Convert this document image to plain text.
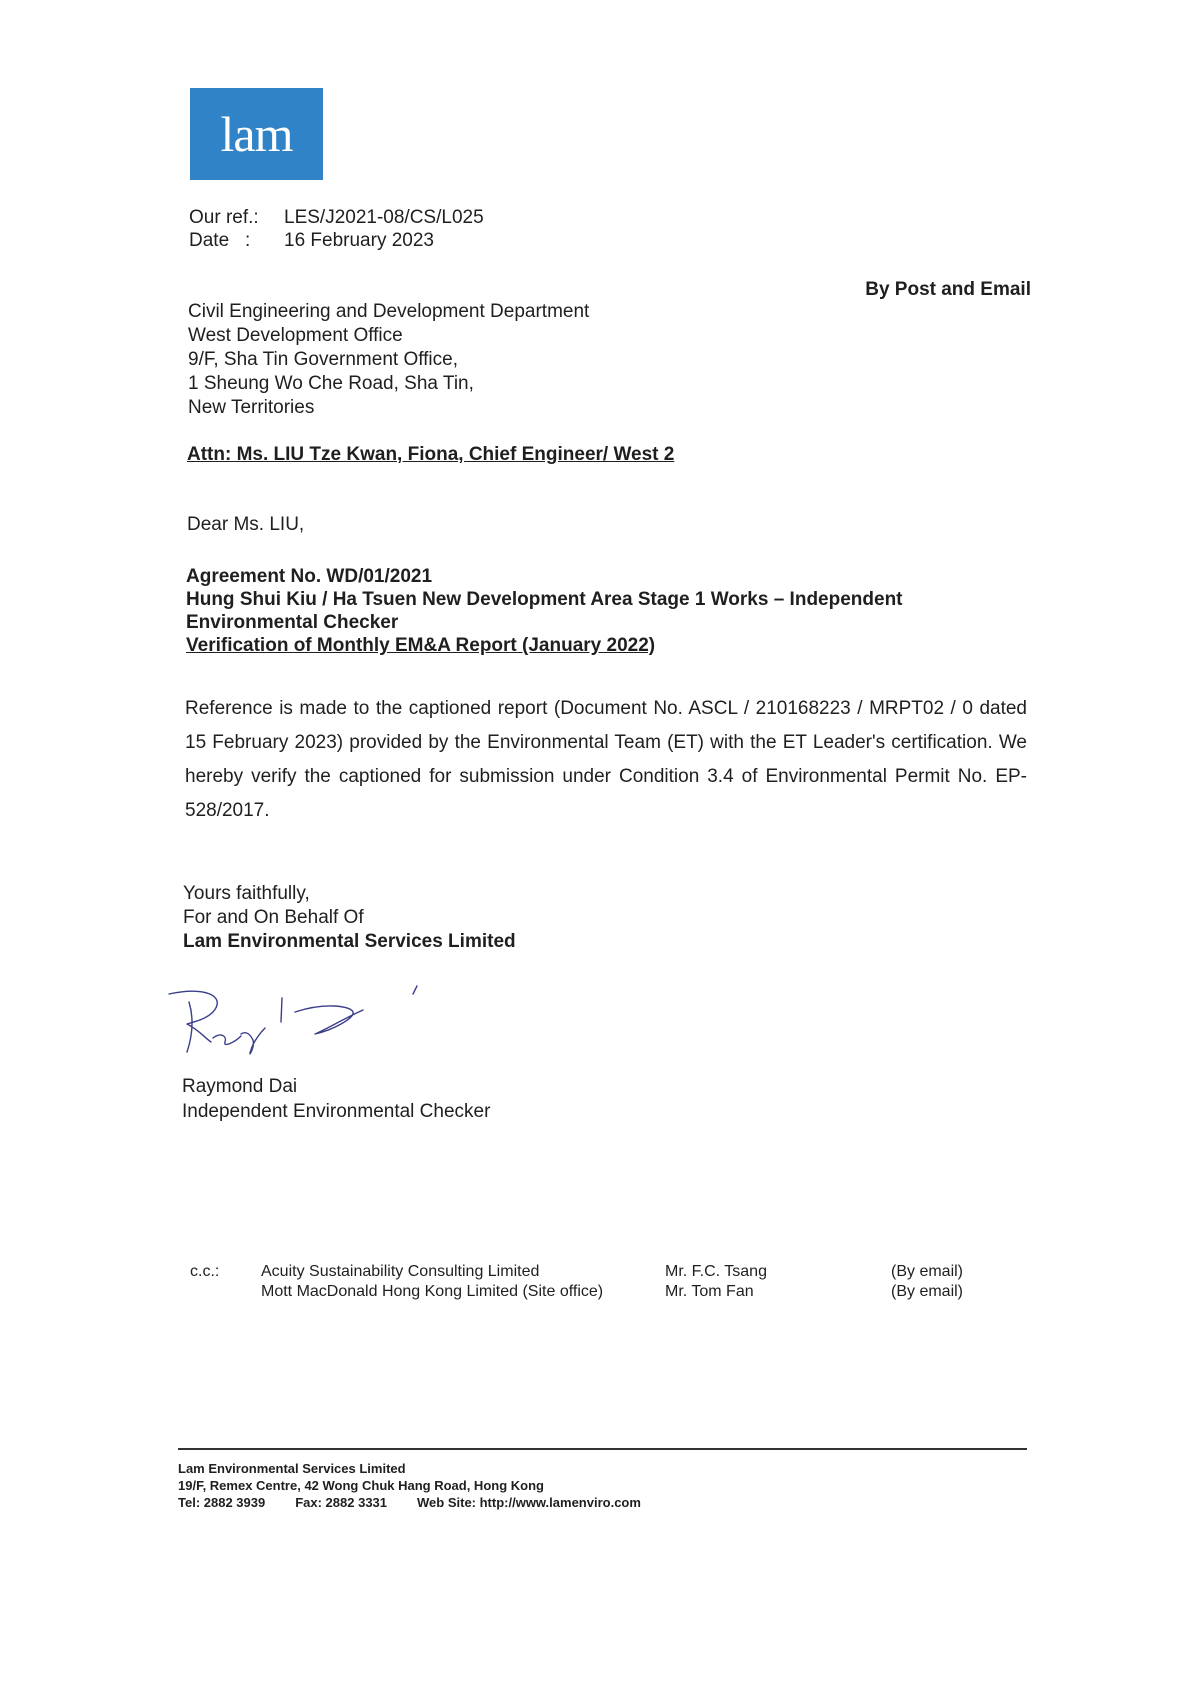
lam
Our ref.: LES/J2021-08/CS/L025
Date   : 16 February 2023
By Post and Email
Civil Engineering and Development Department
West Development Office
9/F, Sha Tin Government Office,
1 Sheung Wo Che Road, Sha Tin,
New Territories
Attn: Ms. LIU Tze Kwan, Fiona, Chief Engineer/ West 2
Dear Ms. LIU,
Agreement No. WD/01/2021
Hung Shui Kiu / Ha Tsuen New Development Area Stage 1 Works – Independent Environmental Checker
Verification of Monthly EM&A Report (January 2022)
Reference is made to the captioned report (Document No. ASCL / 210168223 / MRPT02 / 0 dated 15 February 2023) provided by the Environmental Team (ET) with the ET Leader's certification. We hereby verify the captioned for submission under Condition 3.4 of Environmental Permit No. EP-528/2017.
Yours faithfully,
For and On Behalf Of
Lam Environmental Services Limited
Raymond Dai
Independent Environmental Checker
c.c.:	Acuity Sustainability Consulting Limited
Mott MacDonald Hong Kong Limited (Site office)
Mr. F.C. Tsang
Mr. Tom Fan
(By email)
(By email)
Lam Environmental Services Limited
19/F, Remex Centre, 42 Wong Chuk Hang Road, Hong Kong
Tel: 2882 3939 Fax: 2882 3331 Web Site: http://www.lamenviro.com
